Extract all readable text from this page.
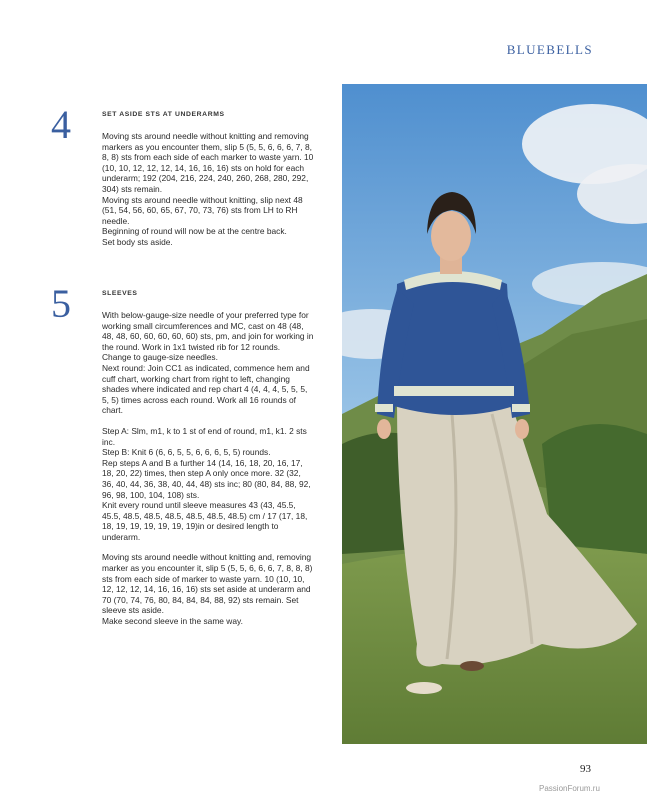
BLUEBELLS
4	SET ASIDE STS AT UNDERARMS

Moving sts around needle without knitting and removing markers as you encounter them, slip 5 (5, 5, 6, 6, 6, 7, 8, 8, 8) sts from each side of each marker to waste yarn. 10 (10, 10, 12, 12, 12, 14, 16, 16, 16) sts on hold for each underarm; 192 (204, 216, 224, 240, 260, 268, 280, 292, 304) sts remain.

Moving sts around needle without knitting, slip next 48 (51, 54, 56, 60, 65, 67, 70, 73, 76) sts from LH to RH needle.

Beginning of round will now be at the centre back.

Set body sts aside.

5	SLEEVES

With below-gauge-size needle of your preferred type for working small circumferences and MC, cast on 48 (48, 48, 48, 60, 60, 60, 60, 60) sts, pm, and join for working in the round. Work in 1x1 twisted rib for 12 rounds.

Change to gauge-size needles.

Next round: Join CC1 as indicated, commence hem and cuff chart, working chart from right to left, changing shades where indicated and rep chart 4 (4, 4, 4, 5, 5, 5, 5, 5) times across each round. Work all 16 rounds of chart.

Step A: Slm, m1, k to 1 st of end of round, m1, k1. 2 sts inc.

Step B: Knit 6 (6, 6, 5, 5, 6, 6, 6, 5, 5) rounds.

Rep steps A and B a further 14 (14, 16, 18, 20, 16, 17, 18, 20, 22) times, then step A only once more. 32 (32, 36, 40, 44, 36, 38, 40, 44, 48) sts inc; 80 (80, 84, 88, 92, 96, 98, 100, 104, 108) sts.

Knit every round until sleeve measures 43 (43, 45.5, 45.5, 48.5, 48.5, 48.5, 48.5, 48.5, 48.5) cm / 17 (17, 18, 18, 19, 19, 19, 19, 19, 19)in or desired length to underarm.

Moving sts around needle without knitting and, removing marker as you encounter it, slip 5 (5, 5, 6, 6, 6, 7, 8, 8, 8) sts from each side of marker to waste yarn. 10 (10, 10, 12, 12, 12, 14, 16, 16, 16) sts set aside at underarm and 70 (70, 74, 76, 80, 84, 84, 84, 88, 92) sts remain. Set sleeve sts aside.

Make second sleeve in the same way.

93
PassionForum.ru
